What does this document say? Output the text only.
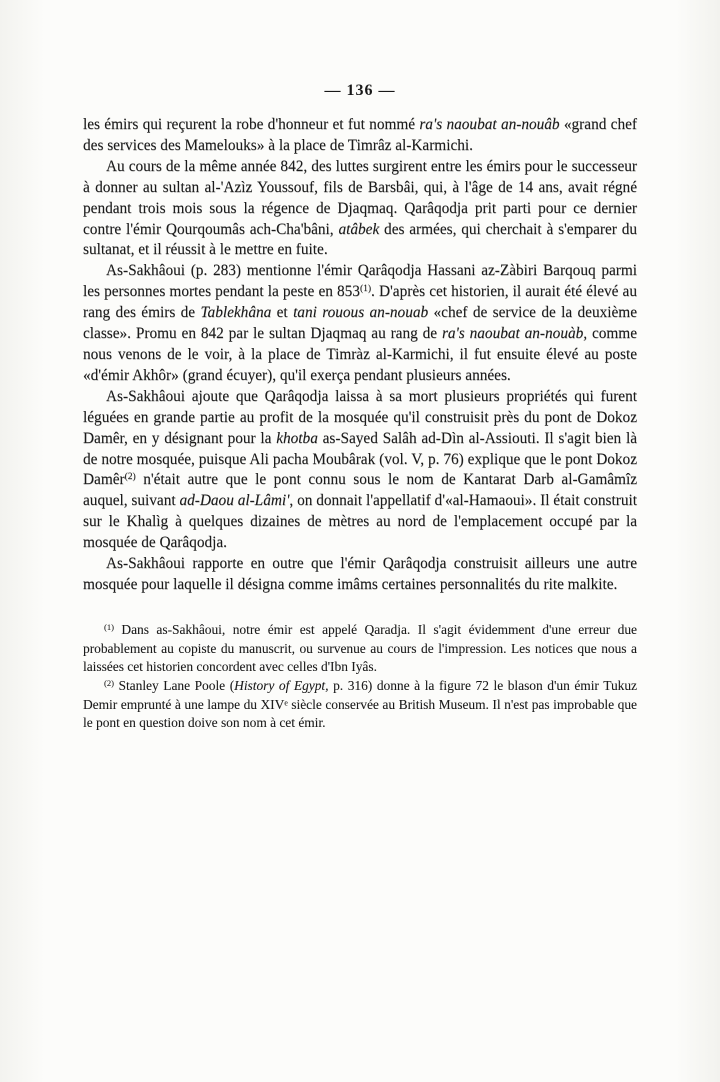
— 136 —

les émirs qui reçurent la robe d'honneur et fut nommé ra's naoubat an-nouâb «grand chef des services des Mamelouks» à la place de Timrâz al-Karmichi.

Au cours de la même année 842, des luttes surgirent entre les émirs pour le successeur à donner au sultan al-'Azìz Youssouf, fils de Barsbâi, qui, à l'âge de 14 ans, avait régné pendant trois mois sous la régence de Djaqmaq. Qarâqodja prit parti pour ce dernier contre l'émir Qourqoumâs ach-Cha'bâni, atâbek des armées, qui cherchait à s'emparer du sultanat, et il réussit à le mettre en fuite.

As-Sakhâoui (p. 283) mentionne l'émir Qarâqodja Hassani az-Zàbiri Barqouq parmi les personnes mortes pendant la peste en 853$^{(1)}$. D'après cet historien, il aurait été élevé au rang des émirs de Tablekhâna et tani rouous an-nouab «chef de service de la deuxième classe». Promu en 842 par le sultan Djaqmaq au rang de ra's naoubat an-nouàb, comme nous venons de le voir, à la place de Timràz al-Karmichi, il fut ensuite élevé au poste «d'émir Akhôr» (grand écuyer), qu'il exerça pendant plusieurs années.

As-Sakhâoui ajoute que Qarâqodja laissa à sa mort plusieurs propriétés qui furent léguées en grande partie au profit de la mosquée qu'il construisit près du pont de Dokoz Damêr, en y désignant pour la khotba as-Sayed Salâh ad-Dìn al-Assiouti. Il s'agit bien là de notre mosquée, puisque Ali pacha Moubârak (vol. V, p. 76) explique que le pont Dokoz Damêr$^{(2)}$ n'était autre que le pont connu sous le nom de Kantarat Darb al-Gamâmîz auquel, suivant ad-Daou al-Lâmi', on donnait l'appellatif d'«al-Hamaoui». Il était construit sur le Khalìg à quelques dizaines de mètres au nord de l'emplacement occupé par la mosquée de Qarâqodja.

As-Sakhâoui rapporte en outre que l'émir Qarâqodja construisit ailleurs une autre mosquée pour laquelle il désigna comme imâms certaines personnalités du rite malkite.

$^{(1)}$ Dans as-Sakhâoui, notre émir est appelé Qaradja. Il s'agit évidemment d'une erreur due probablement au copiste du manuscrit, ou survenue au cours de l'impression. Les notices que nous a laissées cet historien concordent avec celles d'Ibn Iyâs.

$^{(2)}$ Stanley Lane Poole (History of Egypt, p. 316) donne à la figure 72 le blason d'un émir Tukuz Demir emprunté à une lampe du XIVᵉ siècle conservée au British Museum. Il n'est pas improbable que le pont en question doive son nom à cet émir.
